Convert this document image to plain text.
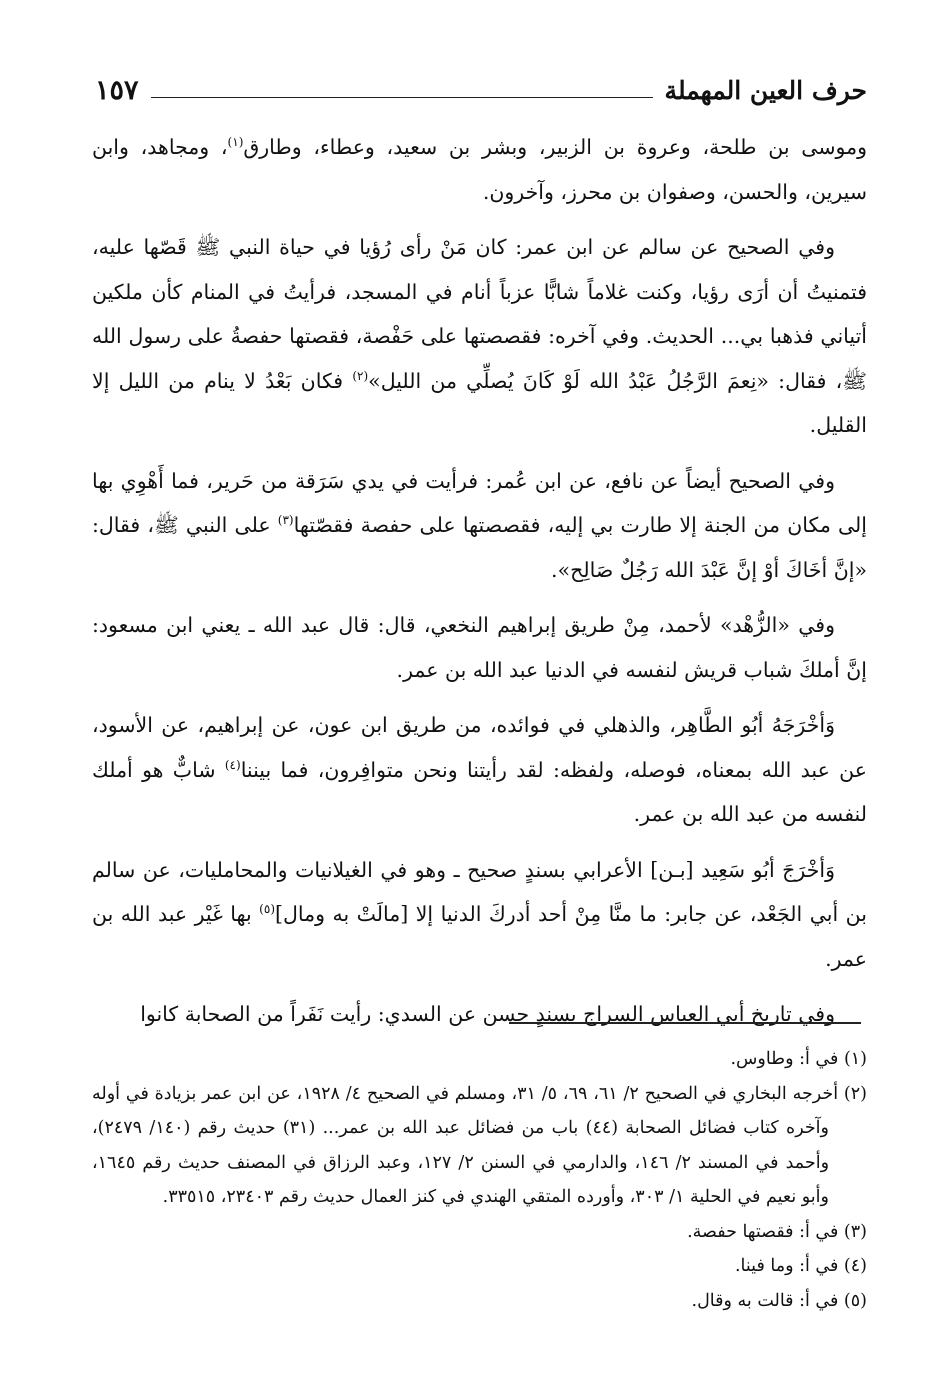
حرف العين المهملة
١٥٧

وموسى بن طلحة، وعروة بن الزبير، وبشر بن سعيد، وعطاء، وطارق$^{(١)}$، ومجاهد، وابن سيرين، والحسن، وصفوان بن محرز، وآخرون.

وفي الصحيح عن سالم عن ابن عمر: كان مَنْ رأى رُؤيا في حياة النبي ﷺ قَصّها عليه، فتمنيتُ أن أرَى رؤيا، وكنت غلاماً شابًّا عزباً أنام في المسجد، فرأيتُ في المنام كأن ملكين أتياني فذهبا بي... الحديث. وفي آخره: فقصصتها على حَفْصة، فقصتها حفصةُ على رسول الله ﷺ، فقال: «نِعمَ الرَّجُلُ عَبْدُ الله لَوْ كَانَ يُصلِّي من الليل»$^{(٢)}$ فكان بَعْدُ لا ينام من الليل إلا القليل.

وفي الصحيح أيضاً عن نافع، عن ابن عُمر: فرأيت في يدي سَرَقة من حَرير، فما أَهْوِي بها إلى مكان من الجنة إلا طارت بي إليه، فقصصتها على حفصة فقصّتها$^{(٣)}$ على النبي ﷺ، فقال: «إنَّ أخَاكَ أوْ إنَّ عَبْدَ الله رَجُلٌ صَالِح».

وفي «الزُّهْد» لأحمد، مِنْ طريق إبراهيم النخعي، قال: قال عبد الله ـ يعني ابن مسعود: إنَّ أملكَ شباب قريش لنفسه في الدنيا عبد الله بن عمر.

وَأخْرَجَهُ أبُو الطَّاهِر، والذهلي في فوائده، من طريق ابن عون، عن إبراهيم، عن الأسود، عن عبد الله بمعناه، فوصله، ولفظه: لقد رأيتنا ونحن متوافِرون، فما بيننا$^{(٤)}$ شابٌّ هو أملك لنفسه من عبد الله بن عمر.

وَأخْرَجَ أبُو سَعِيد [بـن] الأعرابي بسندٍ صحيح ـ وهو في الغيلانيات والمحامليات، عن سالم بن أبي الجَعْد، عن جابر: ما منَّا مِنْ أحد أدركَ الدنيا إلا [مالَتْ به ومال]$^{(٥)}$ بها غَيْر عبد الله بن عمر.

وفي تاريخ أبي العباس السراج بسندٍ حسن عن السدي: رأيت نَفَراً من الصحابة كانوا

(١) في أ: وطاوس.

(٢) أخرجه البخاري في الصحيح ٢/ ٦١، ٦٩، ٥/ ٣١، ومسلم في الصحيح ٤/ ١٩٢٨، عن ابن عمر بزيادة في أوله وآخره كتاب فضائل الصحابة (٤٤) باب من فضائل عبد الله بن عمر... (٣١) حديث رقم (١٤٠/ ٢٤٧٩)، وأحمد في المسند ٢/ ١٤٦، والدارمي في السنن ٢/ ١٢٧، وعبد الرزاق في المصنف حديث رقم ١٦٤٥، وأبو نعيم في الحلية ١/ ٣٠٣، وأورده المتقي الهندي في كنز العمال حديث رقم ٢٣٤٠٣، ٣٣٥١٥.

(٣) في أ: فقصتها حفصة.

(٤) في أ: وما فينا.

(٥) في أ: قالت به وقال.
